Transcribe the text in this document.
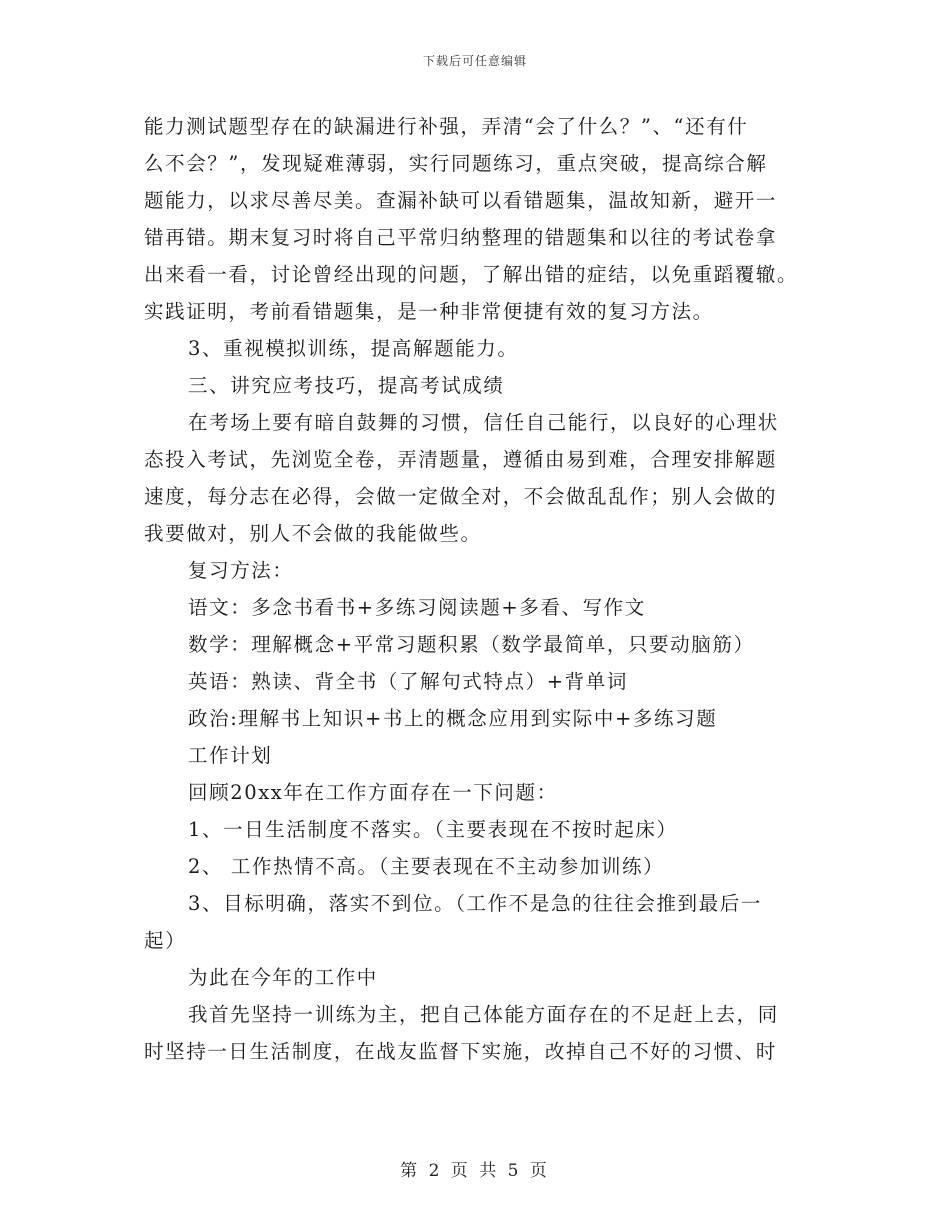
下载后可任意编辑

能力测试题型存在的缺漏进行补强，弄清“会了什么？”、“还有什

么不会？”，发现疑难薄弱，实行同题练习，重点突破，提高综合解

题能力，以求尽善尽美。查漏补缺可以看错题集，温故知新，避开一

错再错。期末复习时将自己平常归纳整理的错题集和以往的考试卷拿

出来看一看，讨论曾经出现的问题，了解出错的症结，以免重蹈覆辙。

实践证明，考前看错题集，是一种非常便捷有效的复习方法。

3、重视模拟训练，提高解题能力。

三、讲究应考技巧，提高考试成绩

在考场上要有暗自鼓舞的习惯，信任自己能行，以良好的心理状

态投入考试，先浏览全卷，弄清题量，遵循由易到难，合理安排解题

速度，每分志在必得，会做一定做全对，不会做乱乱作；别人会做的

我要做对，别人不会做的我能做些。

复习方法：

语文：多念书看书+多练习阅读题+多看、写作文

数学：理解概念+平常习题积累（数学最简单，只要动脑筋）

英语：熟读、背全书（了解句式特点）+背单词

政治:理解书上知识+书上的概念应用到实际中+多练习题

工作计划

回顾20xx年在工作方面存在一下问题：

1、一日生活制度不落实。（主要表现在不按时起床）

2、 工作热情不高。（主要表现在不主动参加训练）

3、目标明确，落实不到位。（工作不是急的往往会推到最后一

起）

为此在今年的工作中

我首先坚持一训练为主，把自己体能方面存在的不足赶上去，同

时坚持一日生活制度，在战友监督下实施，改掉自己不好的习惯、时

第 2 页 共 5 页
